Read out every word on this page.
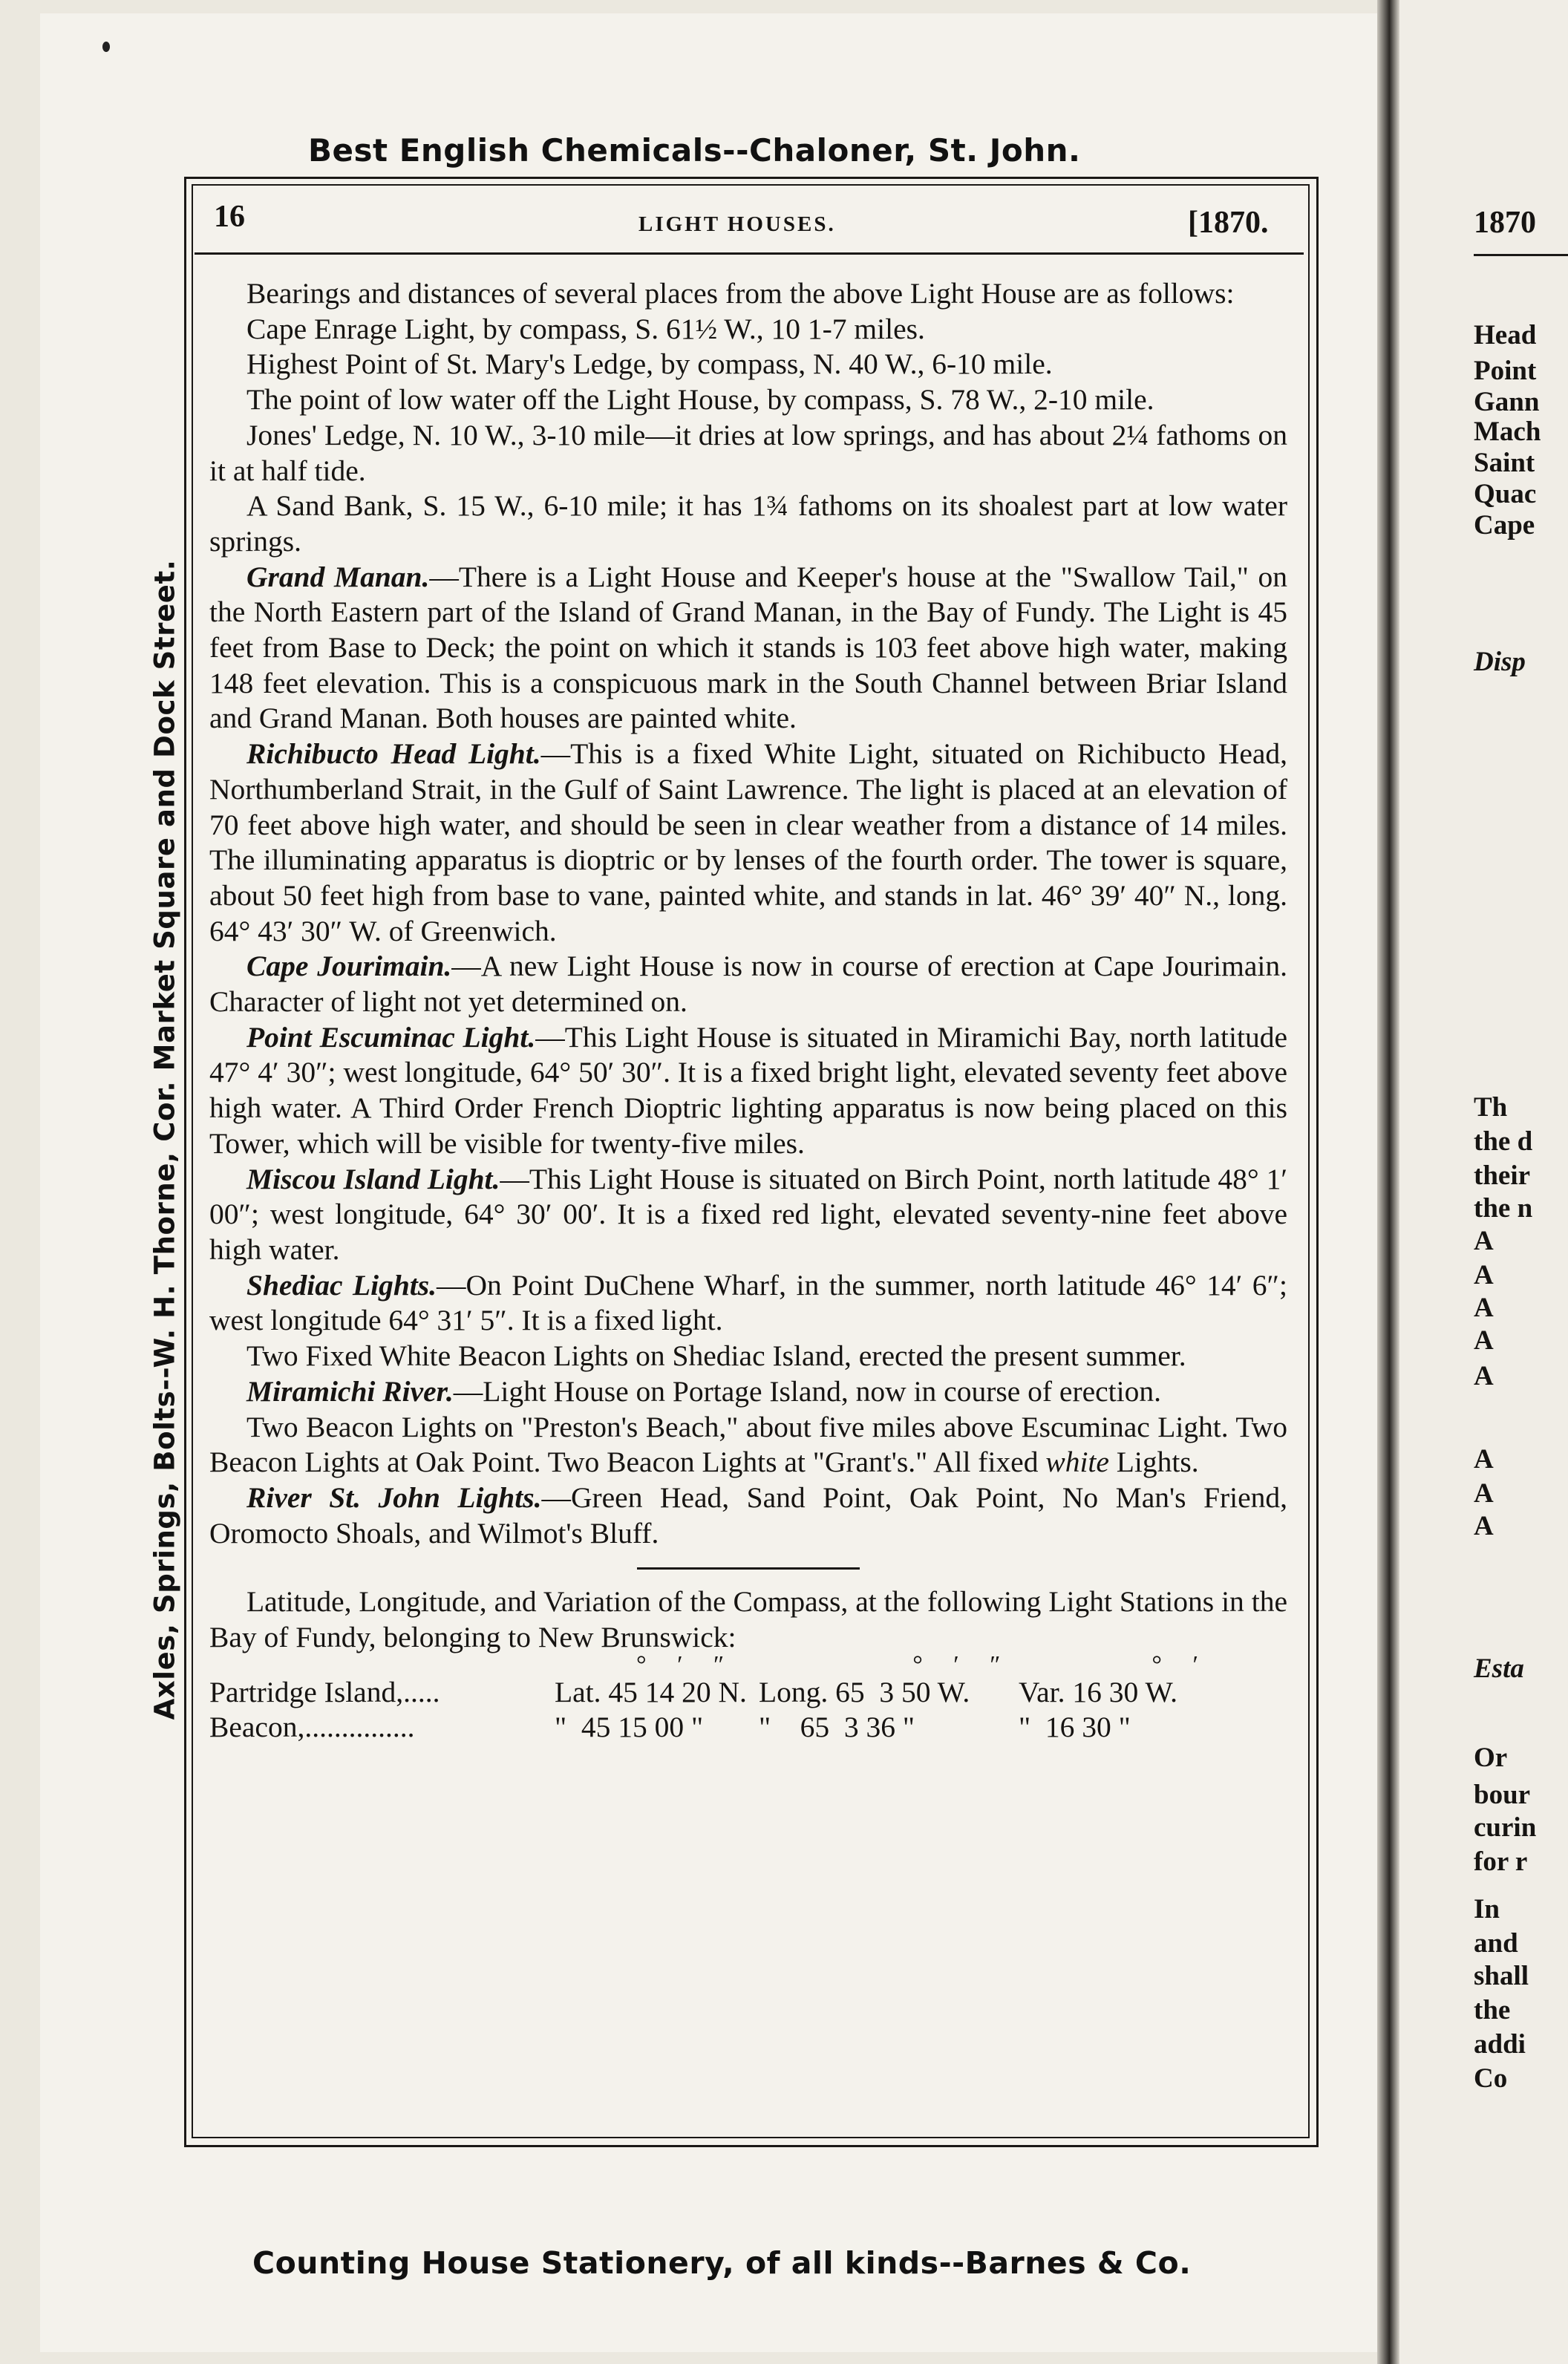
Best English Chemicals--Chaloner, St. John.
Axles, Springs, Bolts--W. H. Thorne, Cor. Market Square and Dock Street.
Counting House Stationery, of all kinds--Barnes & Co.
16	LIGHT HOUSES.	[1870.

Bearings and distances of several places from the above Light House are as follows:

Cape Enrage Light, by compass, S. 61½ W., 10 1-7 miles.

Highest Point of St. Mary's Ledge, by compass, N. 40 W., 6-10 mile.

The point of low water off the Light House, by compass, S. 78 W., 2-10 mile.

Jones' Ledge, N. 10 W., 3-10 mile—it dries at low springs, and has about 2¼ fathoms on it at half tide.

A Sand Bank, S. 15 W., 6-10 mile; it has 1¾ fathoms on its shoalest part at low water springs.

Grand Manan.—There is a Light House and Keeper's house at the "Swallow Tail," on the North Eastern part of the Island of Grand Manan, in the Bay of Fundy. The Light is 45 feet from Base to Deck; the point on which it stands is 103 feet above high water, making 148 feet elevation. This is a conspicuous mark in the South Channel between Briar Island and Grand Manan. Both houses are painted white.

Richibucto Head Light.—This is a fixed White Light, situated on Richibucto Head, Northumberland Strait, in the Gulf of Saint Lawrence. The light is placed at an elevation of 70 feet above high water, and should be seen in clear weather from a distance of 14 miles. The illuminating apparatus is dioptric or by lenses of the fourth order. The tower is square, about 50 feet high from base to vane, painted white, and stands in lat. 46° 39′ 40″ N., long. 64° 43′ 30″ W. of Greenwich.

Cape Jourimain.—A new Light House is now in course of erection at Cape Jourimain. Character of light not yet determined on.

Point Escuminac Light.—This Light House is situated in Miramichi Bay, north latitude 47° 4′ 30″; west longitude, 64° 50′ 30″. It is a fixed bright light, elevated seventy feet above high water. A Third Order French Dioptric lighting apparatus is now being placed on this Tower, which will be visible for twenty-five miles.

Miscou Island Light.—This Light House is situated on Birch Point, north latitude 48° 1′ 00″; west longitude, 64° 30′ 00′. It is a fixed red light, elevated seventy-nine feet above high water.

Shediac Lights.—On Point DuChene Wharf, in the summer, north latitude 46° 14′ 6″; west longitude 64° 31′ 5″. It is a fixed light.

Two Fixed White Beacon Lights on Shediac Island, erected the present summer.

Miramichi River.—Light House on Portage Island, now in course of erection.

Two Beacon Lights on "Preston's Beach," about five miles above Escuminac Light. Two Beacon Lights at Oak Point. Two Beacon Lights at "Grant's." All fixed white Lights.

River St. John Lights.—Green Head, Sand Point, Oak Point, No Man's Friend, Oromocto Shoals, and Wilmot's Bluff.

Latitude, Longitude, and Variation of the Compass, at the following Light Stations in the Bay of Fundy, belonging to New Brunswick:

°   ′   ″                    °   ′   ″                °   ′
Partridge Island,.....	Lat. 45 14 20 N. Long. 65  3 50 W.	Var. 16 30 W.
Beacon,...............	"  45 15 00 "	"    65  3 36 "	"  16 30 "
1870
Head
Point
Gann
Mach
Saint
Quac
Cape
Disp
Th
the d
their
the n
A
A
A
A
A
A
A
A
Esta
Or
bour
curin
for r
In
and
shall
the
addi
Co
